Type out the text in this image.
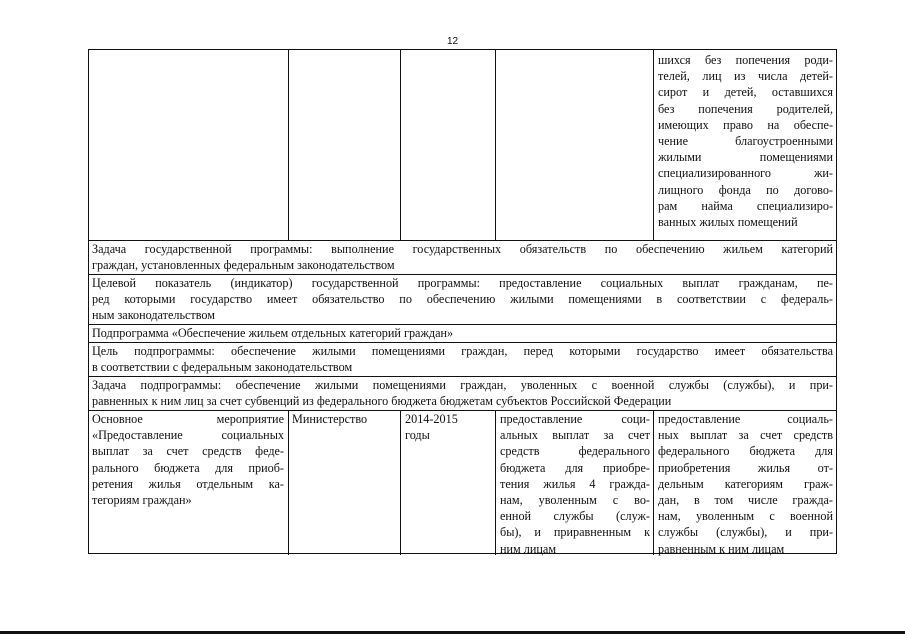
12
шихся без попечения роди-
телей, лиц из числа детей-
сирот и детей, оставшихся
без попечения родителей,
имеющих право на обеспе-
чение благоустроенными
жилыми помещениями
специализированного жи-
лищного фонда по догово-
рам найма специализиро-
ванных жилых помещений
Задача государственной программы: выполнение государственных обязательств по обеспечению жильем категорий
граждан, установленных федеральным законодательством
Целевой показатель (индикатор) государственной программы: предоставление социальных выплат гражданам, пе-
ред которыми государство имеет обязательство по обеспечению жилыми помещениями в соответствии с федераль-
ным законодательством
Подпрограмма «Обеспечение жильем отдельных категорий граждан»
Цель подпрограммы: обеспечение жилыми помещениями граждан, перед которыми государство имеет обязательства
в соответствии с федеральным законодательством
Задача подпрограммы: обеспечение жилыми помещениями граждан, уволенных с военной службы (службы), и при-
равненных к ним лиц за счет субвенций из федерального бюджета бюджетам субъектов Российской Федерации
Основное мероприятие
«Предоставление социальных
выплат за счет средств феде-
рального бюджета для приоб-
ретения жилья отдельным ка-
тегориям граждан»
Министерство	2014-2015
годы
предоставление соци-
альных выплат за счет
средств федерального
бюджета для приобре-
тения жилья 4 гражда-
нам, уволенным с во-
енной службы (служ-
бы), и приравненным к
ним лицам
предоставление социаль-
ных выплат за счет средств
федерального бюджета для
приобретения жилья от-
дельным категориям граж-
дан, в том числе гражда-
нам, уволенным с военной
службы (службы), и при-
равненным к ним лицам
